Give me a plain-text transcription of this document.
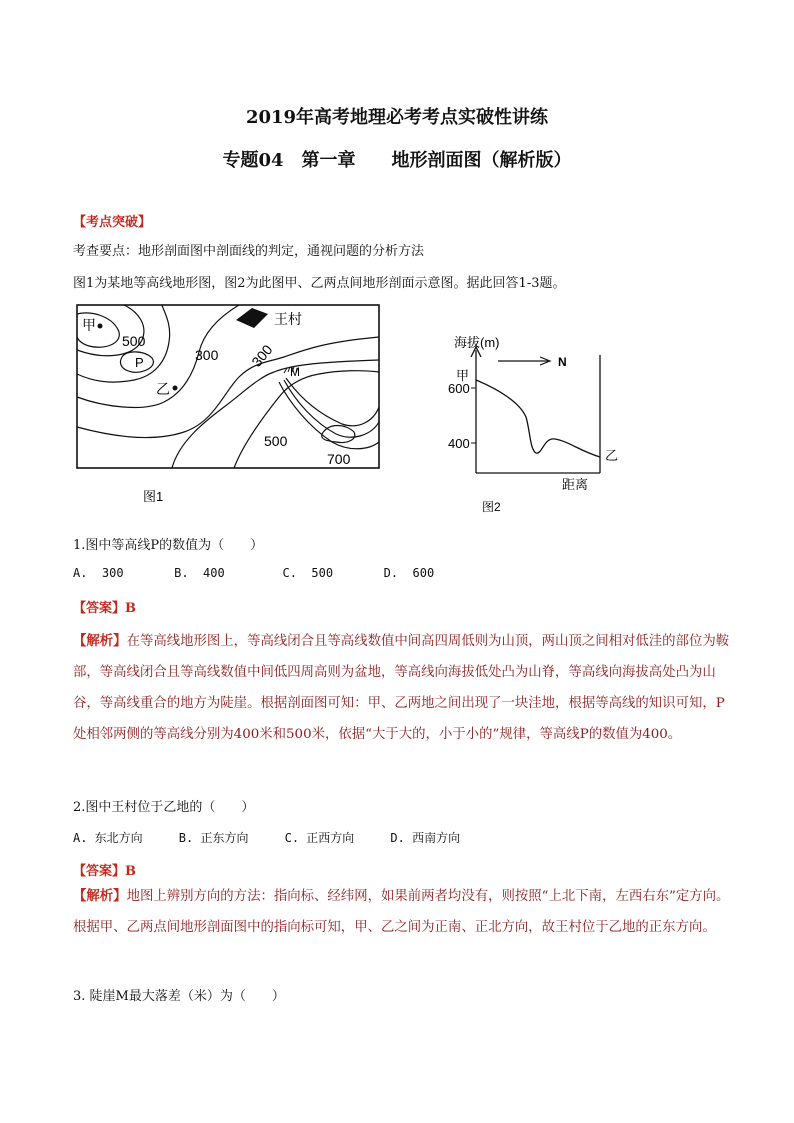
2019年高考地理必考考点实破性讲练
专题04　第一章　　地形剖面图（解析版）
【考点突破】
考查要点：地形剖面图中剖面线的判定，通视问题的分析方法
图1为某地等高线地形图，图2为此图甲、乙两点间地形剖面示意图。据此回答1-3题。
甲
500
P
乙
300
王村
300
M
500
700
图1
海拔(m)
N
甲
600
400
乙
距离
图2
1.图中等高线P的数值为（　　）
A.  300       B.  400        C.  500       D.  600
【答案】B
【解析】在等高线地形图上，等高线闭合且等高线数值中间高四周低则为山顶，两山顶之间相对低洼的部位为鞍部，等高线闭合且等高线数值中间低四周高则为盆地，等高线向海拔低处凸为山脊，等高线向海拔高处凸为山谷，等高线重合的地方为陡崖。根据剖面图可知：甲、乙两地之间出现了一块洼地，根据等高线的知识可知，P处相邻两侧的等高线分别为400米和500米，依据“大于大的，小于小的”规律，等高线P的数值为400。
2.图中王村位于乙地的（　　）
A. 东北方向     B. 正东方向     C. 正西方向     D. 西南方向
【答案】B
【解析】地图上辨别方向的方法：指向标、经纬网，如果前两者均没有，则按照“上北下南，左西右东”定方向。根据甲、乙两点间地形剖面图中的指向标可知，甲、乙之间为正南、正北方向，故王村位于乙地的正东方向。
3. 陡崖M最大落差（米）为（　　）
